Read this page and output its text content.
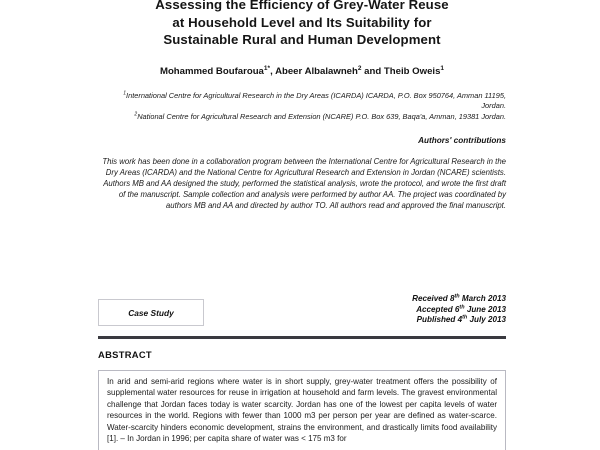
Assessing the Efficiency of Grey-Water Reuse
at Household Level and Its Suitability for
Sustainable Rural and Human Development
Mohammed Boufaroua$^{1*}$, Abeer Albalawneh$^2$ and Theib Oweis$^1$
$^1$International Centre for Agricultural Research in the Dry Areas (ICARDA) ICARDA, P.O. Box 950764, Amman 11195, Jordan.
$^2$National Centre for Agricultural Research and Extension (NCARE) P.O. Box 639, Baqa'a, Amman, 19381 Jordan.
Authors' contributions
This work has been done in a collaboration program between the International Centre for Agricultural Research in the Dry Areas (ICARDA) and the National Centre for Agricultural Research and Extension in Jordan (NCARE) scientists. Authors MB and AA designed the study, performed the statistical analysis, wrote the protocol, and wrote the first draft of the manuscript. Sample collection and analysis were performed by author AA. The project was coordinated by authors MB and AA and directed by author TO. All authors read and approved the final manuscript.
Case Study
Received 8th March 2013
Accepted 6th June 2013
Published 4th July 2013
ABSTRACT

In arid and semi-arid regions where water is in short supply, grey-water treatment offers the possibility of supplemental water resources for reuse in irrigation at household and farm levels. The gravest environmental challenge that Jordan faces today is water scarcity. Jordan has one of the lowest per capita levels of water resources in the world. Regions with fewer than 1000 m3 per person per year are defined as water-scarce. Water-scarcity hinders economic development, strains the environment, and drastically limits food availability [1]. – In Jordan in 1996; per capita share of water was < 175 m3 for
